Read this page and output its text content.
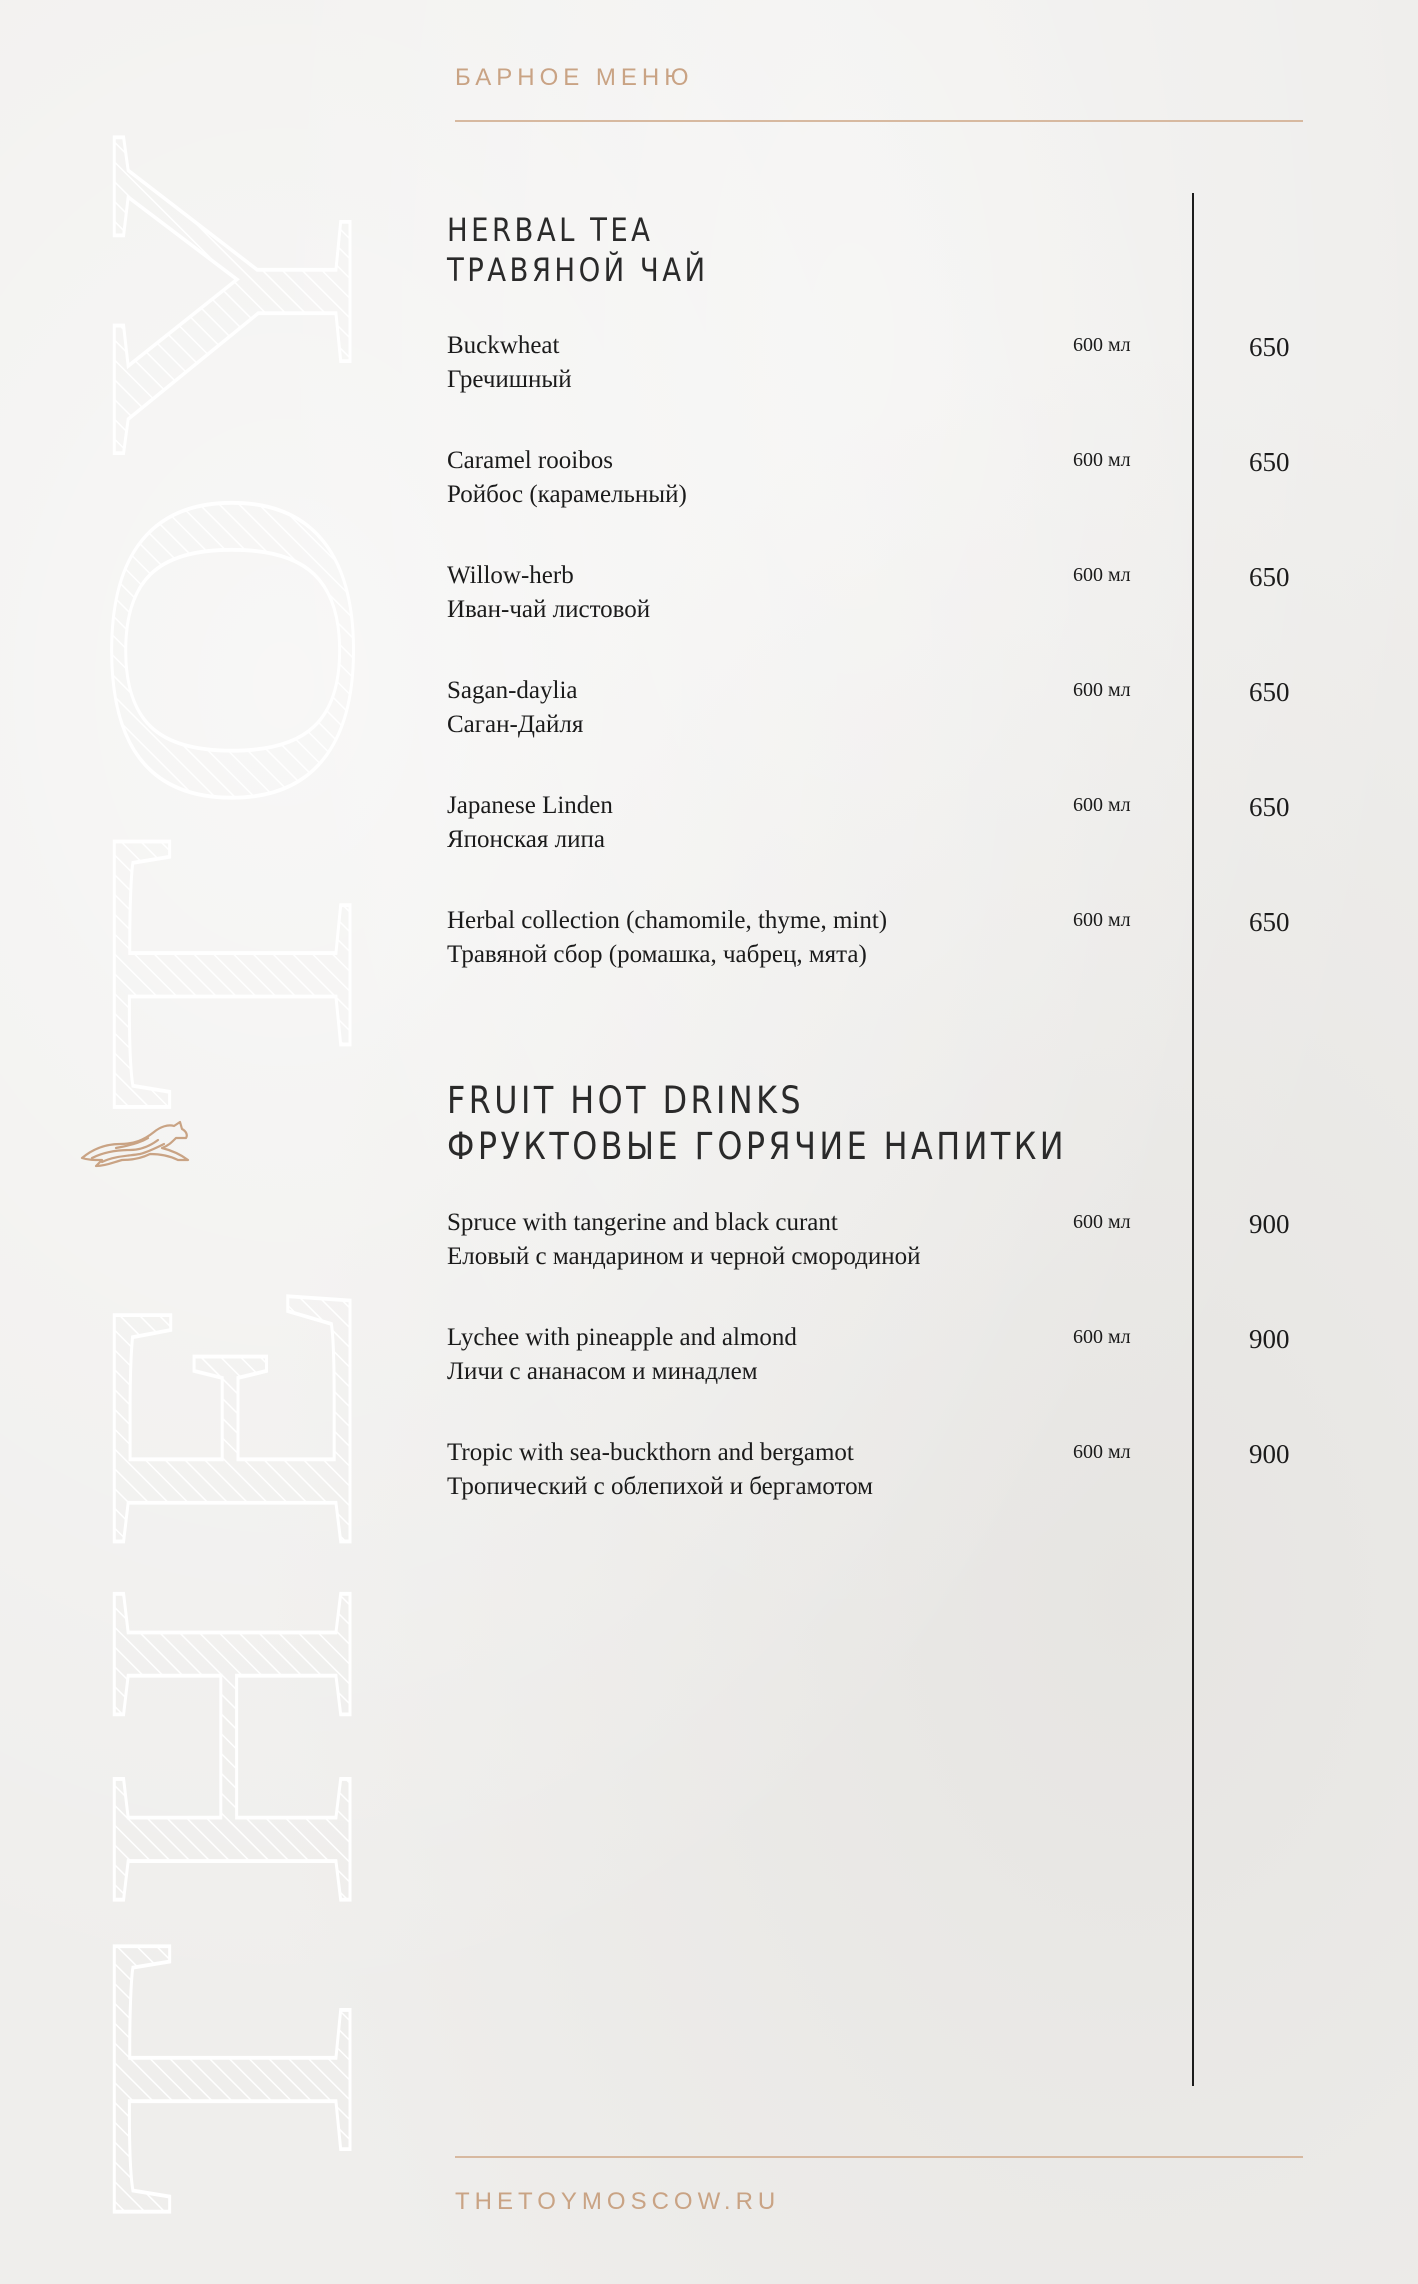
THE TOY
БАРНОЕ МЕНЮ
HERBAL TEA
ТРАВЯНОЙ ЧАЙ
Buckwheat
Гречишный
600 мл	650
Caramel rooibos
Ройбос (карамельный)
600 мл	650
Willow-herb
Иван-чай листовой
600 мл	650
Sagan-daylia
Саган-Дайля
600 мл	650
Japanese Linden
Японская липа
600 мл	650
Herbal collection (chamomile, thyme, mint)
Травяной сбор (ромашка, чабрец, мята)
600 мл	650
FRUIT HOT DRINKS
ФРУКТОВЫЕ ГОРЯЧИЕ НАПИТКИ
Spruce with tangerine and black curant
Еловый с мандарином и черной смородиной
600 мл	900
Lychee with pineapple and almond
Личи с ананасом и минадлем
600 мл	900
Tropic with sea-buckthorn and bergamot
Тропический с облепихой и бергамотом
600 мл	900
THETOYMOSCOW.RU
